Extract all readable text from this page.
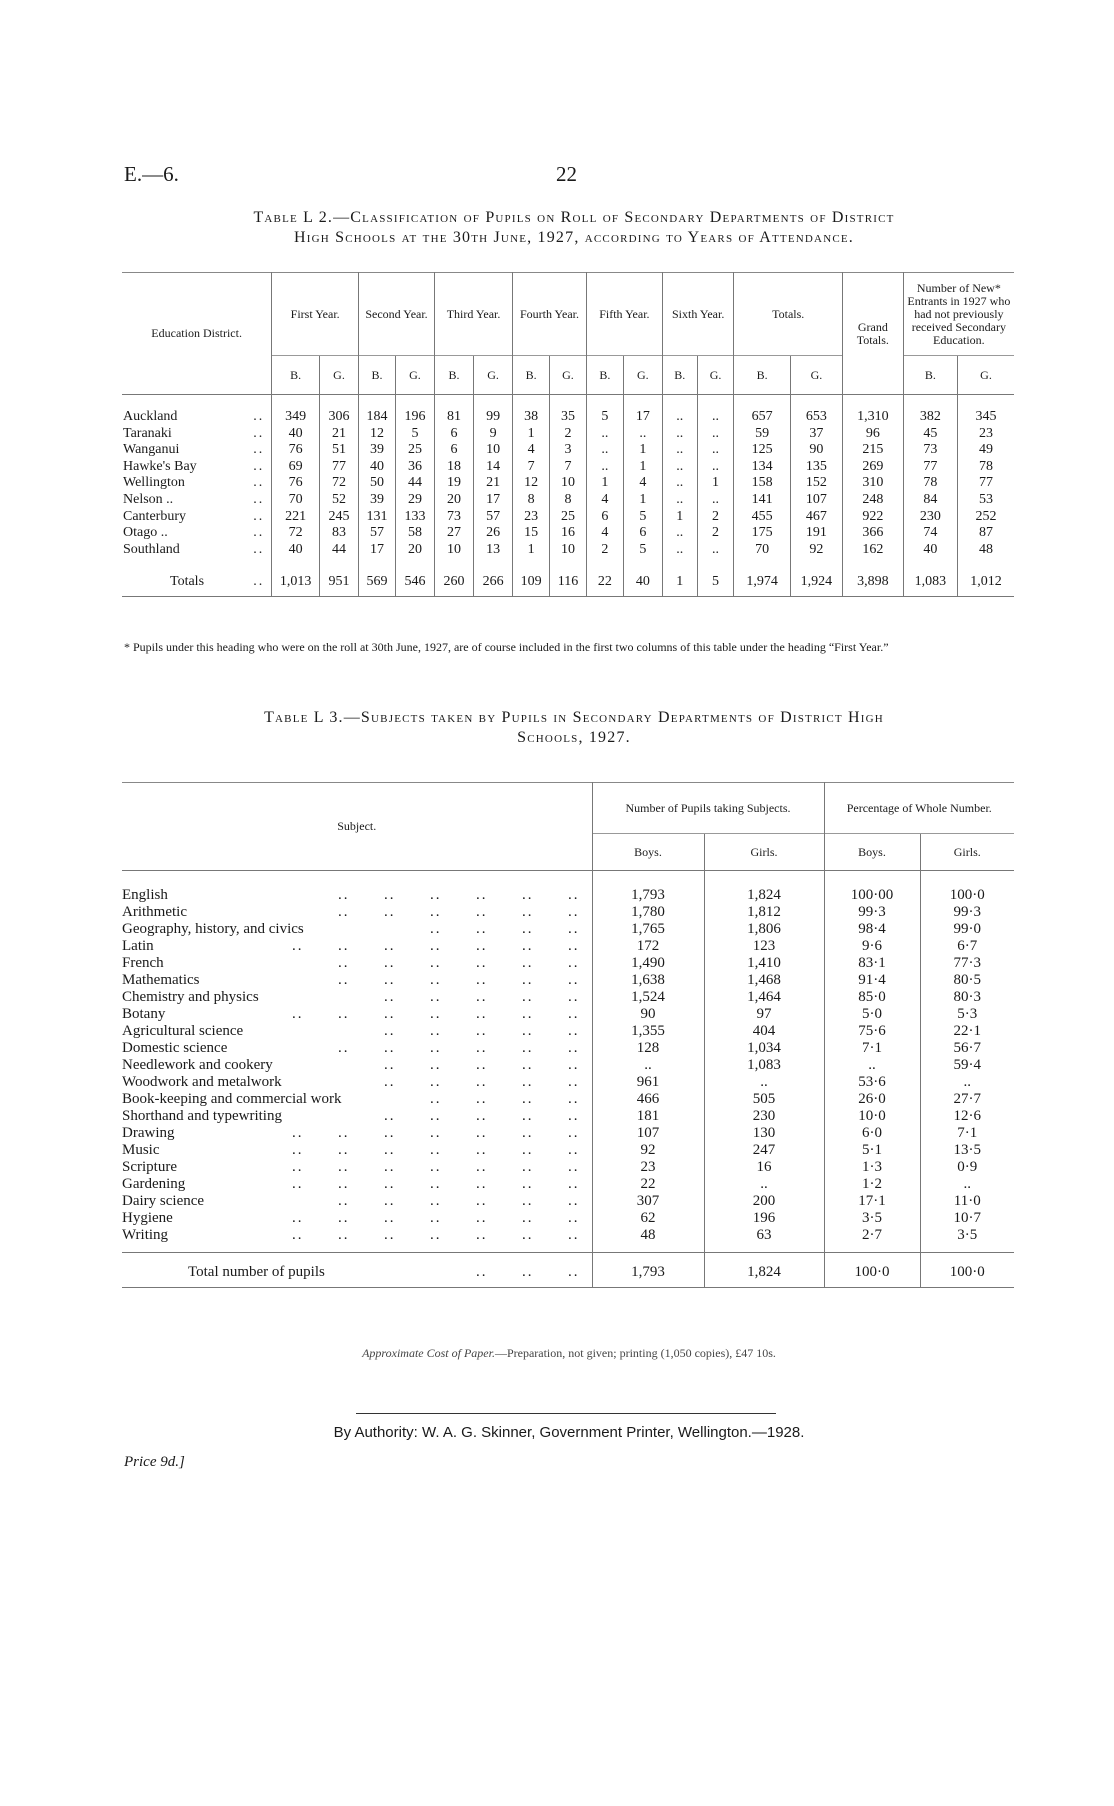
E.—6.	22
Table L 2.—Classification of Pupils on Roll of Secondary Departments of District
High Schools at the 30th June, 1927, according to Years of Attendance.
Education District.	First Year.		Second Year.		Third Year.		Fourth Year.		Fifth Year.		Sixth Year.		Totals.		Grand Totals.	Number of New* Entrants in 1927 who had not previously received Secondary Education.	
	B.	G.	B.	G.	B.	G.	B.	G.	B.	G.	B.	G.	B.	G.		B.	G.
Auckland ..	349	306	184	196	81	99	38	35	5	17	..	..	657	653	1,310	382	345
Taranaki ..	40	21	12	5	6	9	1	2	..	..	..	..	59	37	96	45	23
Wanganui ..	76	51	39	25	6	10	4	3	..	1	..	..	125	90	215	73	49
Hawke's Bay ..	69	77	40	36	18	14	7	7	..	1	..	..	134	135	269	77	78
Wellington ..	76	72	50	44	19	21	12	10	1	4	..	1	158	152	310	78	77
Nelson .. ..	70	52	39	29	20	17	8	8	4	1	..	..	141	107	248	84	53
Canterbury ..	221	245	131	133	73	57	23	25	6	5	1	2	455	467	922	230	252
Otago .. ..	72	83	57	58	27	26	15	16	4	6	..	2	175	191	366	74	87
Southland ..	40	44	17	20	10	13	1	10	2	5	..	..	70	92	162	40	48
Totals ..	1,013	951	569	546	260	266	109	116	22	40	1	5	1,974	1,924	3,898	1,083	1,012
* Pupils under this heading who were on the roll at 30th June, 1927, are of course included in the first two columns of this table under the heading “First Year.”
Table L 3.—Subjects taken by Pupils in Secondary Departments of District High
Schools, 1927.
Subject.	Number of Pupils taking Subjects.		Percentage of Whole Number.	
	Boys.	Girls.	Boys.	Girls.
English ..      ..      ..      ..      ..      ..	1,793	1,824	100·00	100·0
Arithmetic ..      ..      ..      ..      ..      ..	1,780	1,812	99·3	99·3
Geography, history, and civics ..      ..      ..      ..	1,765	1,806	98·4	99·0
Latin ..      ..      ..      ..      ..      ..      ..	172	123	9·6	6·7
French ..      ..      ..      ..      ..      ..	1,490	1,410	83·1	77·3
Mathematics ..      ..      ..      ..      ..      ..	1,638	1,468	91·4	80·5
Chemistry and physics ..      ..      ..      ..      ..	1,524	1,464	85·0	80·3
Botany ..      ..      ..      ..      ..      ..      ..	90	97	5·0	5·3
Agricultural science ..      ..      ..      ..      ..	1,355	404	75·6	22·1
Domestic science ..      ..      ..      ..      ..      ..	128	1,034	7·1	56·7
Needlework and cookery ..      ..      ..      ..      ..	..	1,083	..	59·4
Woodwork and metalwork ..      ..      ..      ..      ..	961	..	53·6	..
Book-keeping and commercial work ..      ..      ..      ..	466	505	26·0	27·7
Shorthand and typewriting ..      ..      ..      ..      ..	181	230	10·0	12·6
Drawing ..      ..      ..      ..      ..      ..      ..	107	130	6·0	7·1
Music ..      ..      ..      ..      ..      ..      ..	92	247	5·1	13·5
Scripture ..      ..      ..      ..      ..      ..      ..	23	16	1·3	0·9
Gardening ..      ..      ..      ..      ..      ..      ..	22	..	1·2	..
Dairy science ..      ..      ..      ..      ..      ..	307	200	17·1	11·0
Hygiene ..      ..      ..      ..      ..      ..      ..	62	196	3·5	10·7
Writing ..      ..      ..      ..      ..      ..      ..	48	63	2·7	3·5
Total number of pupils ..      ..      ..	1,793	1,824	100·0	100·0
Approximate Cost of Paper.—Preparation, not given; printing (1,050 copies), £47 10s.
By Authority: W. A. G. Skinner, Government Printer, Wellington.—1928.
Price 9d.]
